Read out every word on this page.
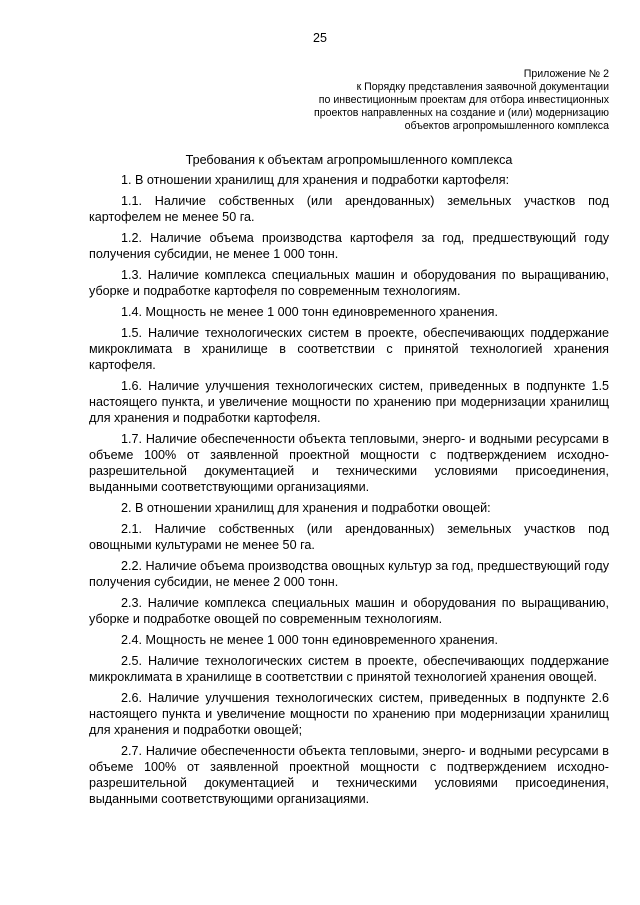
25
Приложение № 2
к Порядку представления заявочной документации
по инвестиционным проектам для отбора инвестиционных
проектов направленных на создание и (или) модернизацию
объектов агропромышленного комплекса
Требования к объектам агропромышленного комплекса
1. В отношении хранилищ для хранения и подработки картофеля:
1.1. Наличие собственных (или арендованных) земельных участков под картофелем не менее 50 га.
1.2. Наличие объема производства картофеля за год, предшествующий году получения субсидии, не менее 1 000 тонн.
1.3. Наличие комплекса специальных машин и оборудования по выращиванию, уборке и подработке картофеля по современным технологиям.
1.4. Мощность не менее 1 000 тонн единовременного хранения.
1.5. Наличие технологических систем в проекте, обеспечивающих поддержание микроклимата в хранилище в соответствии с принятой технологией хранения картофеля.
1.6. Наличие улучшения технологических систем, приведенных в подпункте 1.5 настоящего пункта, и увеличение мощности по хранению при модернизации хранилищ для хранения и подработки картофеля.
1.7. Наличие обеспеченности объекта тепловыми, энерго- и водными ресурсами в объеме 100% от заявленной проектной мощности с подтверждением исходно-разрешительной документацией и техническими условиями присоединения, выданными соответствующими организациями.
2. В отношении хранилищ для хранения и подработки овощей:
2.1. Наличие собственных (или арендованных) земельных участков под овощными культурами не менее 50 га.
2.2. Наличие объема производства овощных культур за год, предшествующий году получения субсидии, не менее 2 000 тонн.
2.3. Наличие комплекса специальных машин и оборудования по выращиванию, уборке и подработке овощей по современным технологиям.
2.4. Мощность не менее 1 000 тонн единовременного хранения.
2.5. Наличие технологических систем в проекте, обеспечивающих поддержание микроклимата в хранилище в соответствии с принятой технологией хранения овощей.
2.6. Наличие улучшения технологических систем, приведенных в подпункте 2.6 настоящего пункта и увеличение мощности по хранению при модернизации хранилищ для хранения и подработки овощей;
2.7. Наличие обеспеченности объекта тепловыми, энерго- и водными ресурсами в объеме 100% от заявленной проектной мощности с подтверждением исходно-разрешительной документацией и техническими условиями присоединения, выданными соответствующими организациями.
